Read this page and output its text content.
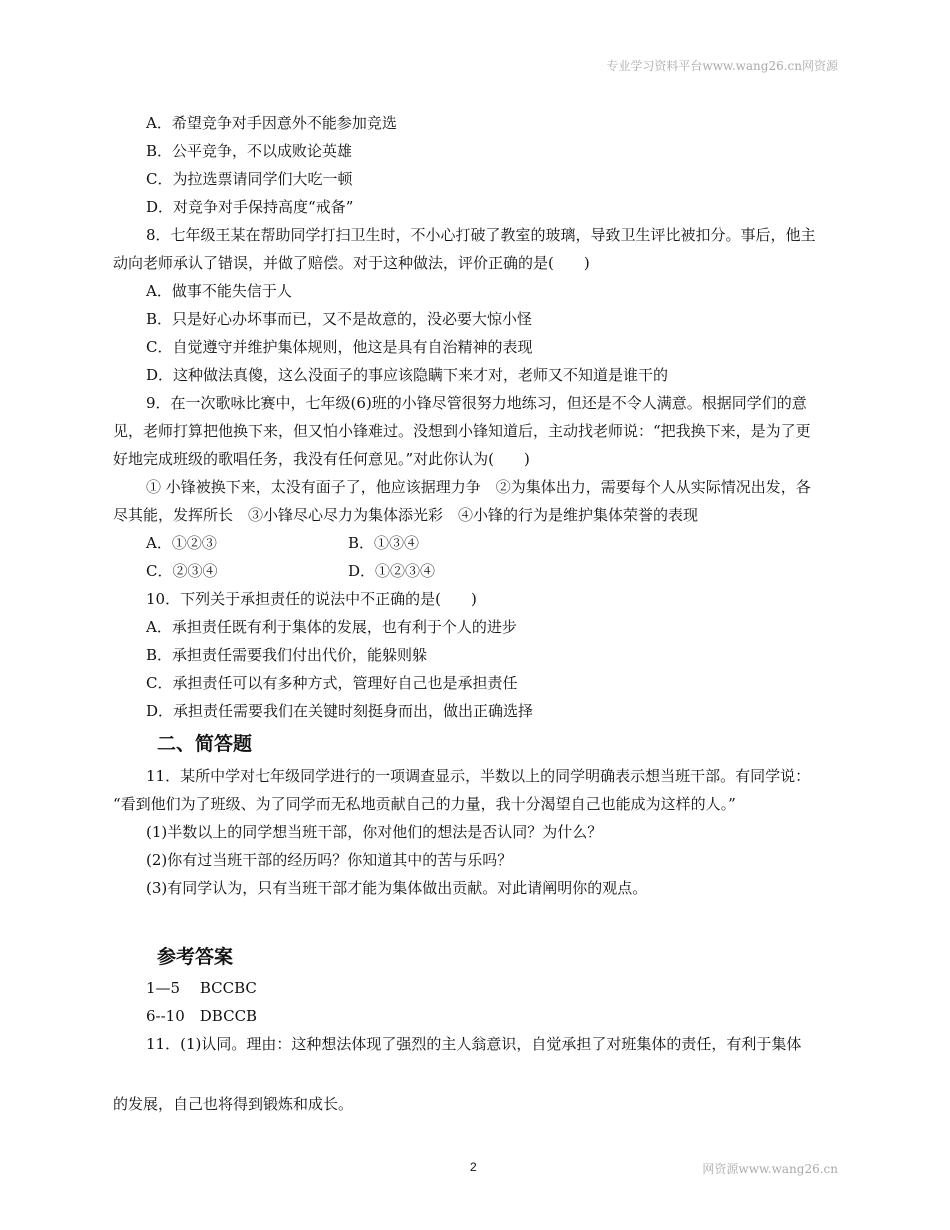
专业学习资料平台www.wang26.cn网资源
A．希望竞争对手因意外不能参加竞选
B．公平竞争，不以成败论英雄
C．为拉选票请同学们大吃一顿
D．对竞争对手保持高度“戒备”
8．七年级王某在帮助同学打扫卫生时，不小心打破了教室的玻璃，导致卫生评比被扣分。事后，他主
动向老师承认了错误，并做了赔偿。对于这种做法，评价正确的是(　　)
A．做事不能失信于人
B．只是好心办坏事而已，又不是故意的，没必要大惊小怪
C．自觉遵守并维护集体规则，他这是具有自治精神的表现
D．这种做法真傻，这么没面子的事应该隐瞒下来才对，老师又不知道是谁干的
9．在一次歌咏比赛中，七年级(6)班的小锋尽管很努力地练习，但还是不令人满意。根据同学们的意
见，老师打算把他换下来，但又怕小锋难过。没想到小锋知道后，主动找老师说：“把我换下来，是为了更
好地完成班级的歌唱任务，我没有任何意见。”对此你认为(　　)
① 小锋被换下来，太没有面子了，他应该据理力争　②为集体出力，需要每个人从实际情况出发，各
尽其能，发挥所长　③小锋尽心尽力为集体添光彩　④小锋的行为是维护集体荣誉的表现
A．①②③	B．①③④
C．②③④	D．①②③④
10．下列关于承担责任的说法中不正确的是(　　)
A．承担责任既有利于集体的发展，也有利于个人的进步
B．承担责任需要我们付出代价，能躲则躲
C．承担责任可以有多种方式，管理好自己也是承担责任
D．承担责任需要我们在关键时刻挺身而出，做出正确选择
二、简答题
11．某所中学对七年级同学进行的一项调查显示，半数以上的同学明确表示想当班干部。有同学说：
“看到他们为了班级、为了同学而无私地贡献自己的力量，我十分渴望自己也能成为这样的人。”
(1)半数以上的同学想当班干部，你对他们的想法是否认同？为什么？
(2)你有过当班干部的经历吗？你知道其中的苦与乐吗？
(3)有同学认为，只有当班干部才能为集体做出贡献。对此请阐明你的观点。
参考答案
1—5　 BCCBC
6--10　DBCCB
11．(1)认同。理由：这种想法体现了强烈的主人翁意识，自觉承担了对班集体的责任，有利于集体
的发展，自己也将得到锻炼和成长。
2	网资源www.wang26.cn
